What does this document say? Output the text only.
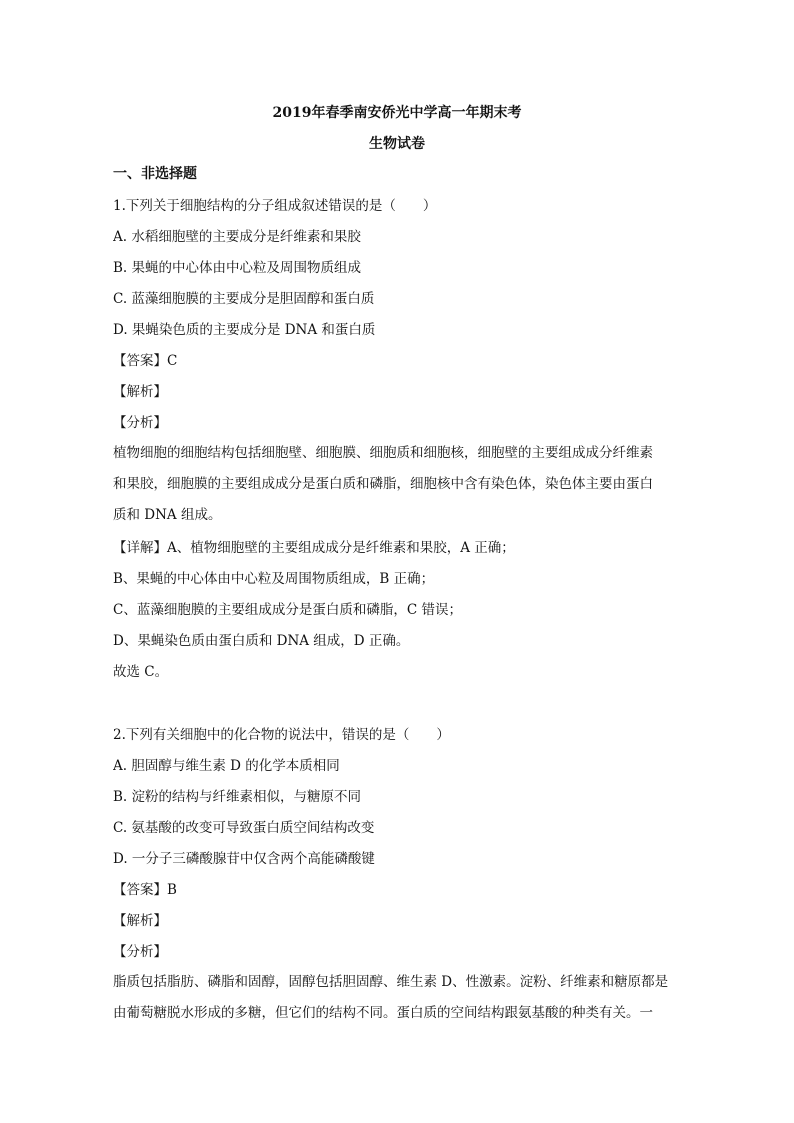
2019年春季南安侨光中学高一年期末考
生物试卷
一、非选择题
1.下列关于细胞结构的分子组成叙述错误的是（　　）
A. 水稻细胞壁的主要成分是纤维素和果胶
B. 果蝇的中心体由中心粒及周围物质组成
C. 蓝藻细胞膜的主要成分是胆固醇和蛋白质
D. 果蝇染色质的主要成分是 DNA 和蛋白质
【答案】C
【解析】
【分析】
植物细胞的细胞结构包括细胞壁、细胞膜、细胞质和细胞核，细胞壁的主要组成成分纤维素
和果胶，细胞膜的主要组成成分是蛋白质和磷脂，细胞核中含有染色体，染色体主要由蛋白
质和 DNA 组成。
【详解】A、植物细胞壁的主要组成成分是纤维素和果胶，A 正确；
B、果蝇的中心体由中心粒及周围物质组成，B 正确；
C、蓝藻细胞膜的主要组成成分是蛋白质和磷脂，C 错误；
D、果蝇染色质由蛋白质和 DNA 组成，D 正确。
故选 C。
2.下列有关细胞中的化合物的说法中，错误的是（　　）
A. 胆固醇与维生素 D 的化学本质相同
B. 淀粉的结构与纤维素相似，与糖原不同
C. 氨基酸的改变可导致蛋白质空间结构改变
D. 一分子三磷酸腺苷中仅含两个高能磷酸键
【答案】B
【解析】
【分析】
脂质包括脂肪、磷脂和固醇，固醇包括胆固醇、维生素 D、性激素。淀粉、纤维素和糖原都是
由葡萄糖脱水形成的多糖，但它们的结构不同。蛋白质的空间结构跟氨基酸的种类有关。一
